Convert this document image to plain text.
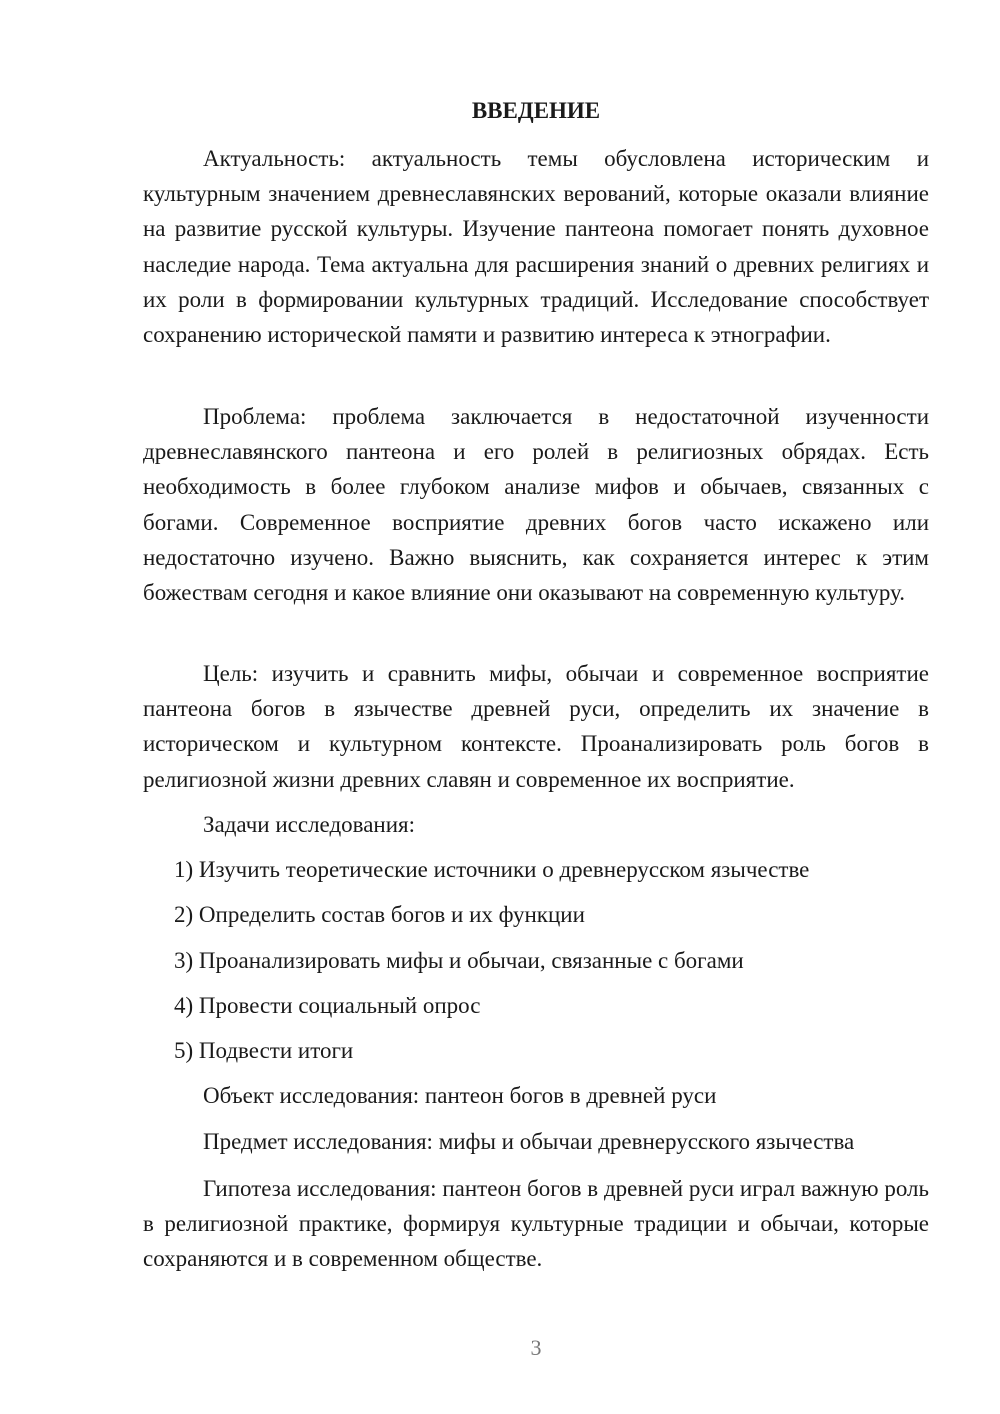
ВВЕДЕНИЕ

Актуальность: актуальность темы обусловлена историческим и культурным значением древнеславянских верований, которые оказали влияние на развитие русской культуры. Изучение пантеона помогает понять духовное наследие народа. Тема актуальна для расширения знаний о древних религиях и их роли в формировании культурных традиций. Исследование способствует сохранению исторической памяти и развитию интереса к этнографии.

Проблема: проблема заключается в недостаточной изученности древнеславянского пантеона и его ролей в религиозных обрядах. Есть необходимость в более глубоком анализе мифов и обычаев, связанных с богами. Современное восприятие древних богов часто искажено или недостаточно изучено. Важно выяснить, как сохраняется интерес к этим божествам сегодня и какое влияние они оказывают на современную культуру.

Цель: изучить и сравнить мифы, обычаи и современное восприятие пантеона богов в язычестве древней руси, определить их значение в историческом и культурном контексте. Проанализировать роль богов в религиозной жизни древних славян и современное их восприятие.

Задачи исследования:

1) Изучить теоретические источники о древнерусском язычестве

2) Определить состав богов и их функции

3) Проанализировать мифы и обычаи, связанные с богами

4) Провести социальный опрос

5) Подвести итоги

Объект исследования: пантеон богов в древней руси

Предмет исследования: мифы и обычаи древнерусского язычества

Гипотеза исследования: пантеон богов в древней руси играл важную роль в религиозной практике, формируя культурные традиции и обычаи, которые сохраняются и в современном обществе.

3
